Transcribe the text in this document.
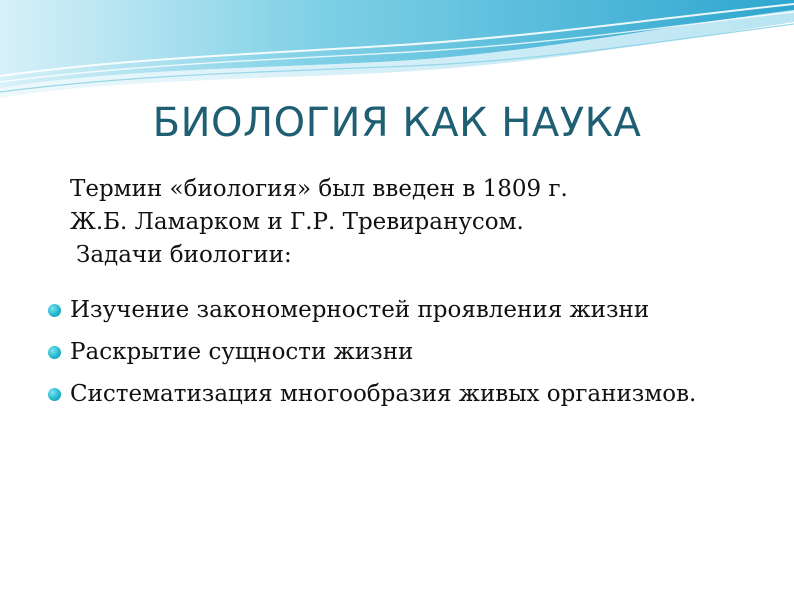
БИОЛОГИЯ КАК НАУКА
Термин «биология» был введен в 1809 г.
Ж.Б. Ламарком и Г.Р. Тревиранусом.
Задачи биологии:
Изучение закономерностей проявления жизни
Раскрытие сущности жизни
Систематизация многообразия живых организмов.
